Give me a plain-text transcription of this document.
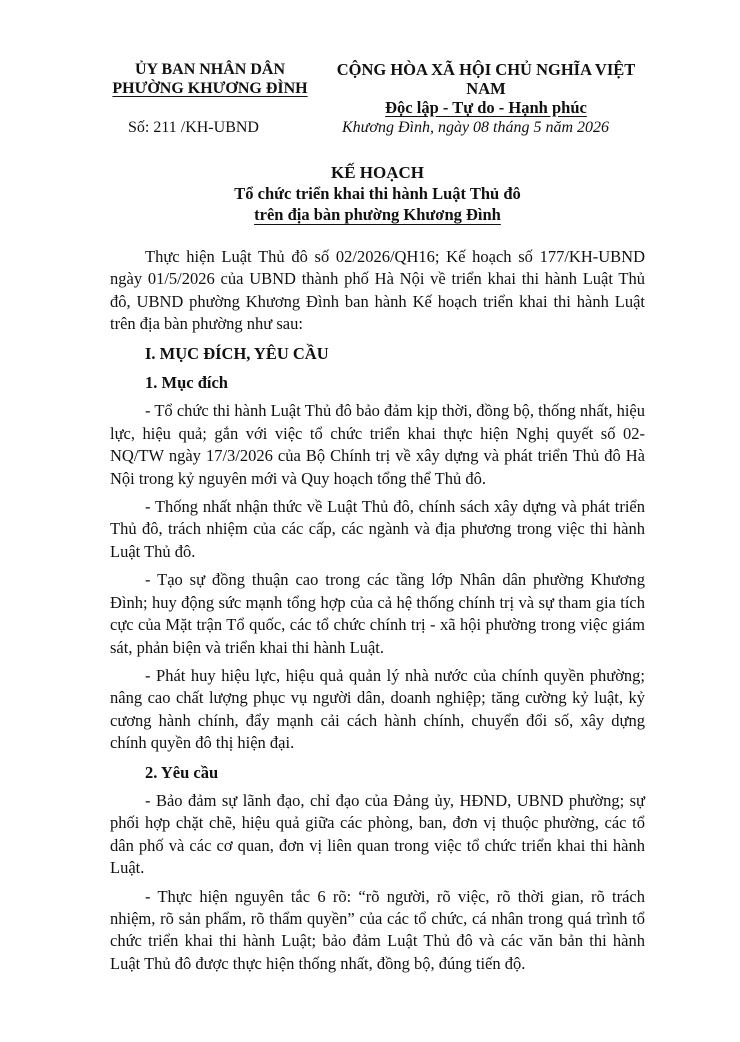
ỦY BAN NHÂN DÂN
PHƯỜNG KHƯƠNG ĐÌNH
CỘNG HÒA XÃ HỘI CHỦ NGHĨA VIỆT NAM
Độc lập - Tự do - Hạnh phúc
Số: 211 /KH-UBND	Khương Đình, ngày 08 tháng 5 năm 2026
KẾ HOẠCH
Tổ chức triển khai thi hành Luật Thủ đô
trên địa bàn phường Khương Đình

Thực hiện Luật Thủ đô số 02/2026/QH16; Kế hoạch số 177/KH-UBND ngày 01/5/2026 của UBND thành phố Hà Nội về triển khai thi hành Luật Thủ đô, UBND phường Khương Đình ban hành Kế hoạch triển khai thi hành Luật trên địa bàn phường như sau:

I. MỤC ĐÍCH, YÊU CẦU

1. Mục đích

- Tổ chức thi hành Luật Thủ đô bảo đảm kịp thời, đồng bộ, thống nhất, hiệu lực, hiệu quả; gắn với việc tổ chức triển khai thực hiện Nghị quyết số 02-NQ/TW ngày 17/3/2026 của Bộ Chính trị về xây dựng và phát triển Thủ đô Hà Nội trong kỷ nguyên mới và Quy hoạch tổng thể Thủ đô.

- Thống nhất nhận thức về Luật Thủ đô, chính sách xây dựng và phát triển Thủ đô, trách nhiệm của các cấp, các ngành và địa phương trong việc thi hành Luật Thủ đô.

- Tạo sự đồng thuận cao trong các tầng lớp Nhân dân phường Khương Đình; huy động sức mạnh tổng hợp của cả hệ thống chính trị và sự tham gia tích cực của Mặt trận Tổ quốc, các tổ chức chính trị - xã hội phường trong việc giám sát, phản biện và triển khai thi hành Luật.

- Phát huy hiệu lực, hiệu quả quản lý nhà nước của chính quyền phường; nâng cao chất lượng phục vụ người dân, doanh nghiệp; tăng cường kỷ luật, kỷ cương hành chính, đẩy mạnh cải cách hành chính, chuyển đổi số, xây dựng chính quyền đô thị hiện đại.

2. Yêu cầu

- Bảo đảm sự lãnh đạo, chỉ đạo của Đảng ủy, HĐND, UBND phường; sự phối hợp chặt chẽ, hiệu quả giữa các phòng, ban, đơn vị thuộc phường, các tổ dân phố và các cơ quan, đơn vị liên quan trong việc tổ chức triển khai thi hành Luật.

- Thực hiện nguyên tắc 6 rõ: “rõ người, rõ việc, rõ thời gian, rõ trách nhiệm, rõ sản phẩm, rõ thẩm quyền” của các tổ chức, cá nhân trong quá trình tổ chức triển khai thi hành Luật; bảo đảm Luật Thủ đô và các văn bản thi hành Luật Thủ đô được thực hiện thống nhất, đồng bộ, đúng tiến độ.
